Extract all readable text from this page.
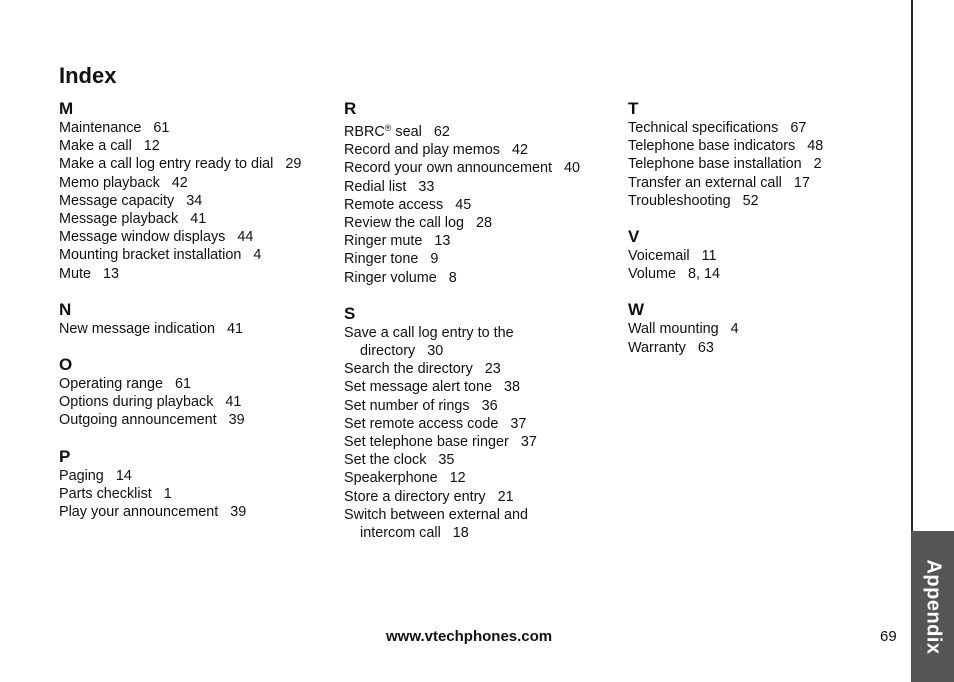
Appendix
Index
M
Maintenance 61
Make a call 12
Make a call log entry ready to dial 29
Memo playback 42
Message capacity 34
Message playback 41
Message window displays 44
Mounting bracket installation 4
Mute 13
N
New message indication 41
O
Operating range 61
Options during playback 41
Outgoing announcement 39
P
Paging 14
Parts checklist 1
Play your announcement 39
R
RBRC® seal 62
Record and play memos 42
Record your own announcement 40
Redial list 33
Remote access 45
Review the call log 28
Ringer mute 13
Ringer tone 9
Ringer volume 8
S
Save a call log entry to the
directory 30
Search the directory 23
Set message alert tone 38
Set number of rings 36
Set remote access code 37
Set telephone base ringer 37
Set the clock 35
Speakerphone 12
Store a directory entry 21
Switch between external and
intercom call 18
T
Technical specifications 67
Telephone base indicators 48
Telephone base installation 2
Transfer an external call 17
Troubleshooting 52
V
Voicemail 11
Volume 8, 14
W
Wall mounting 4
Warranty 63
www.vtechphones.com	69
